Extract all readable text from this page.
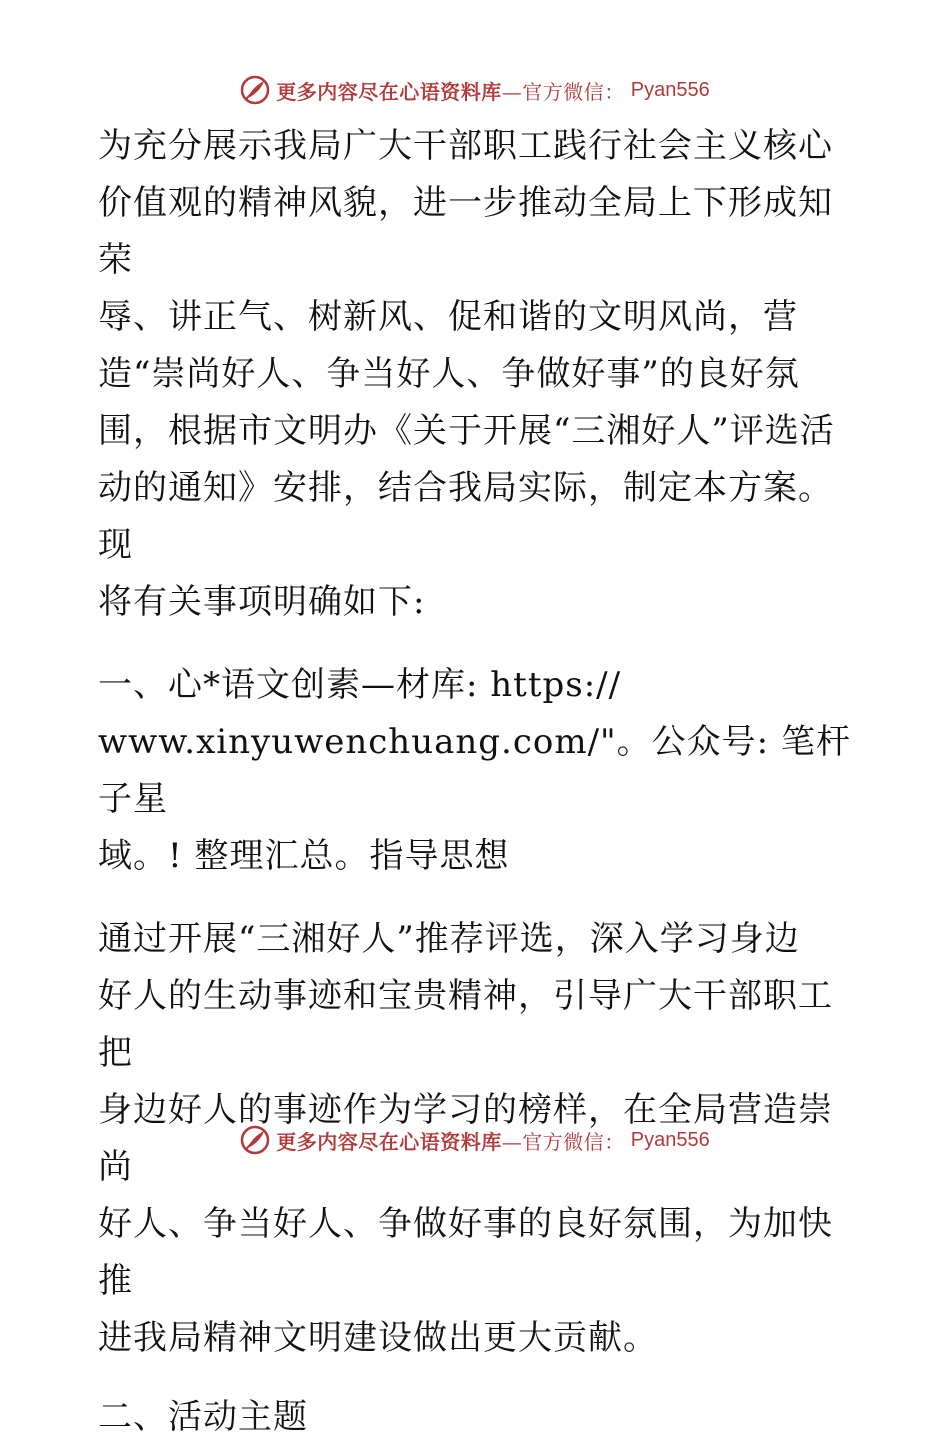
更多内容尽在心语资料库—官方微信： Pyan556

为充分展示我局广大干部职工践行社会主义核心

价值观的精神风貌，进一步推动全局上下形成知荣

辱、讲正气、树新风、促和谐的文明风尚，营

造“崇尚好人、争当好人、争做好事”的良好氛

围，根据市文明办《关于开展“三湘好人”评选活

动的通知》安排，结合我局实际，制定本方案。现

将有关事项明确如下:

一、心*语文创素—材库: https://

www.xinyuwenchuang.com/"。公众号: 笔杆子星

域。! 整理汇总。指导思想

通过开展“三湘好人”推荐评选，深入学习身边

好人的生动事迹和宝贵精神，引导广大干部职工把

身边好人的事迹作为学习的榜样，在全局营造崇尚

好人、争当好人、争做好事的良好氛围，为加快推

进我局精神文明建设做出更大贡献。

二、活动主题

更多内容尽在心语资料库—官方微信： Pyan556
